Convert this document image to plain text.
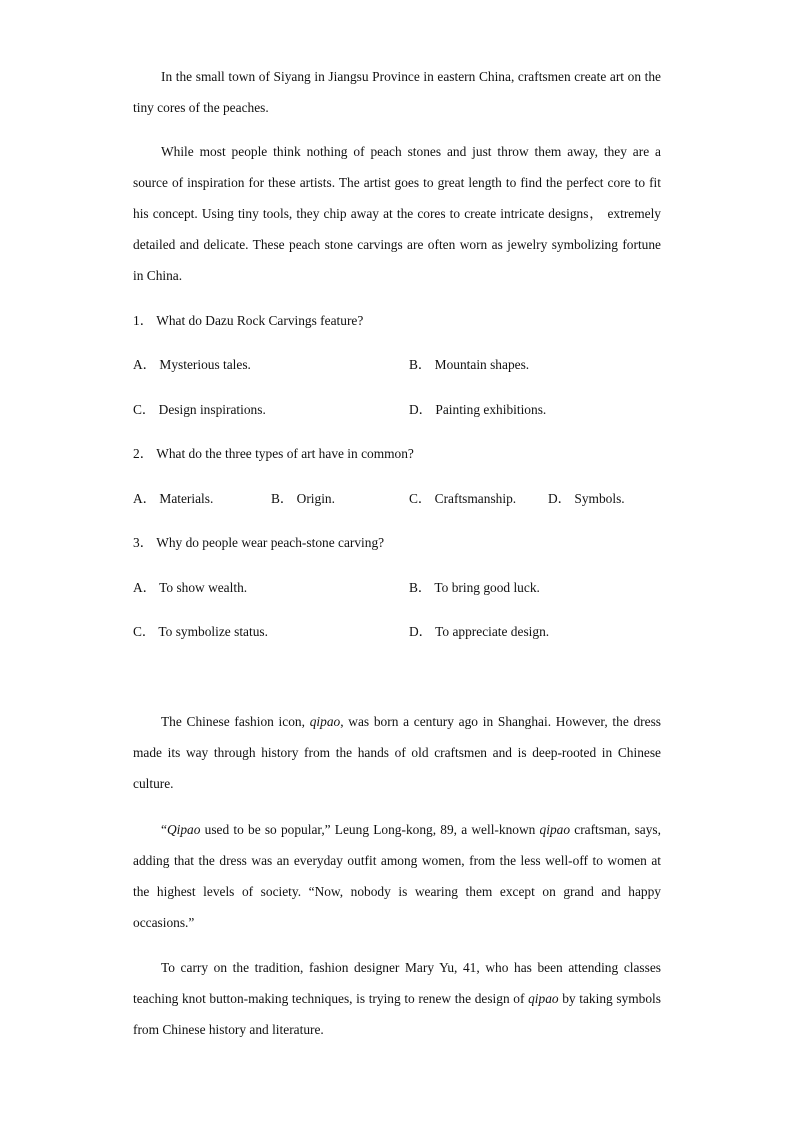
In the small town of Siyang in Jiangsu Province in eastern China, craftsmen create art on the tiny cores of the peaches.

While most people think nothing of peach stones and just throw them away, they are a source of inspiration for these artists. The artist goes to great length to find the perfect core to fit his concept. Using tiny tools, they chip away at the cores to create intricate designs， extremely detailed and delicate. These peach stone carvings are often worn as jewelry symbolizing fortune in China.

1． What do Dazu Rock Carvings feature?
A． Mysterious tales.	B． Mountain shapes.
C． Design inspirations.	D． Painting exhibitions.
2． What do the three types of art have in common?
A． Materials.	B． Origin.	C． Craftsmanship. D． Symbols.
3． Why do people wear peach-stone carving?
A． To show wealth.	B． To bring good luck.
C． To symbolize status.	D． To appreciate design.

The Chinese fashion icon, qipao, was born a century ago in Shanghai. However, the dress made its way through history from the hands of old craftsmen and is deep-rooted in Chinese culture.

“Qipao used to be so popular,” Leung Long-kong, 89, a well-known qipao craftsman, says, adding that the dress was an everyday outfit among women, from the less well-off to women at the highest levels of society. “Now, nobody is wearing them except on grand and happy occasions.”

To carry on the tradition, fashion designer Mary Yu, 41, who has been attending classes teaching knot button-making techniques, is trying to renew the design of qipao by taking symbols from Chinese history and literature.
